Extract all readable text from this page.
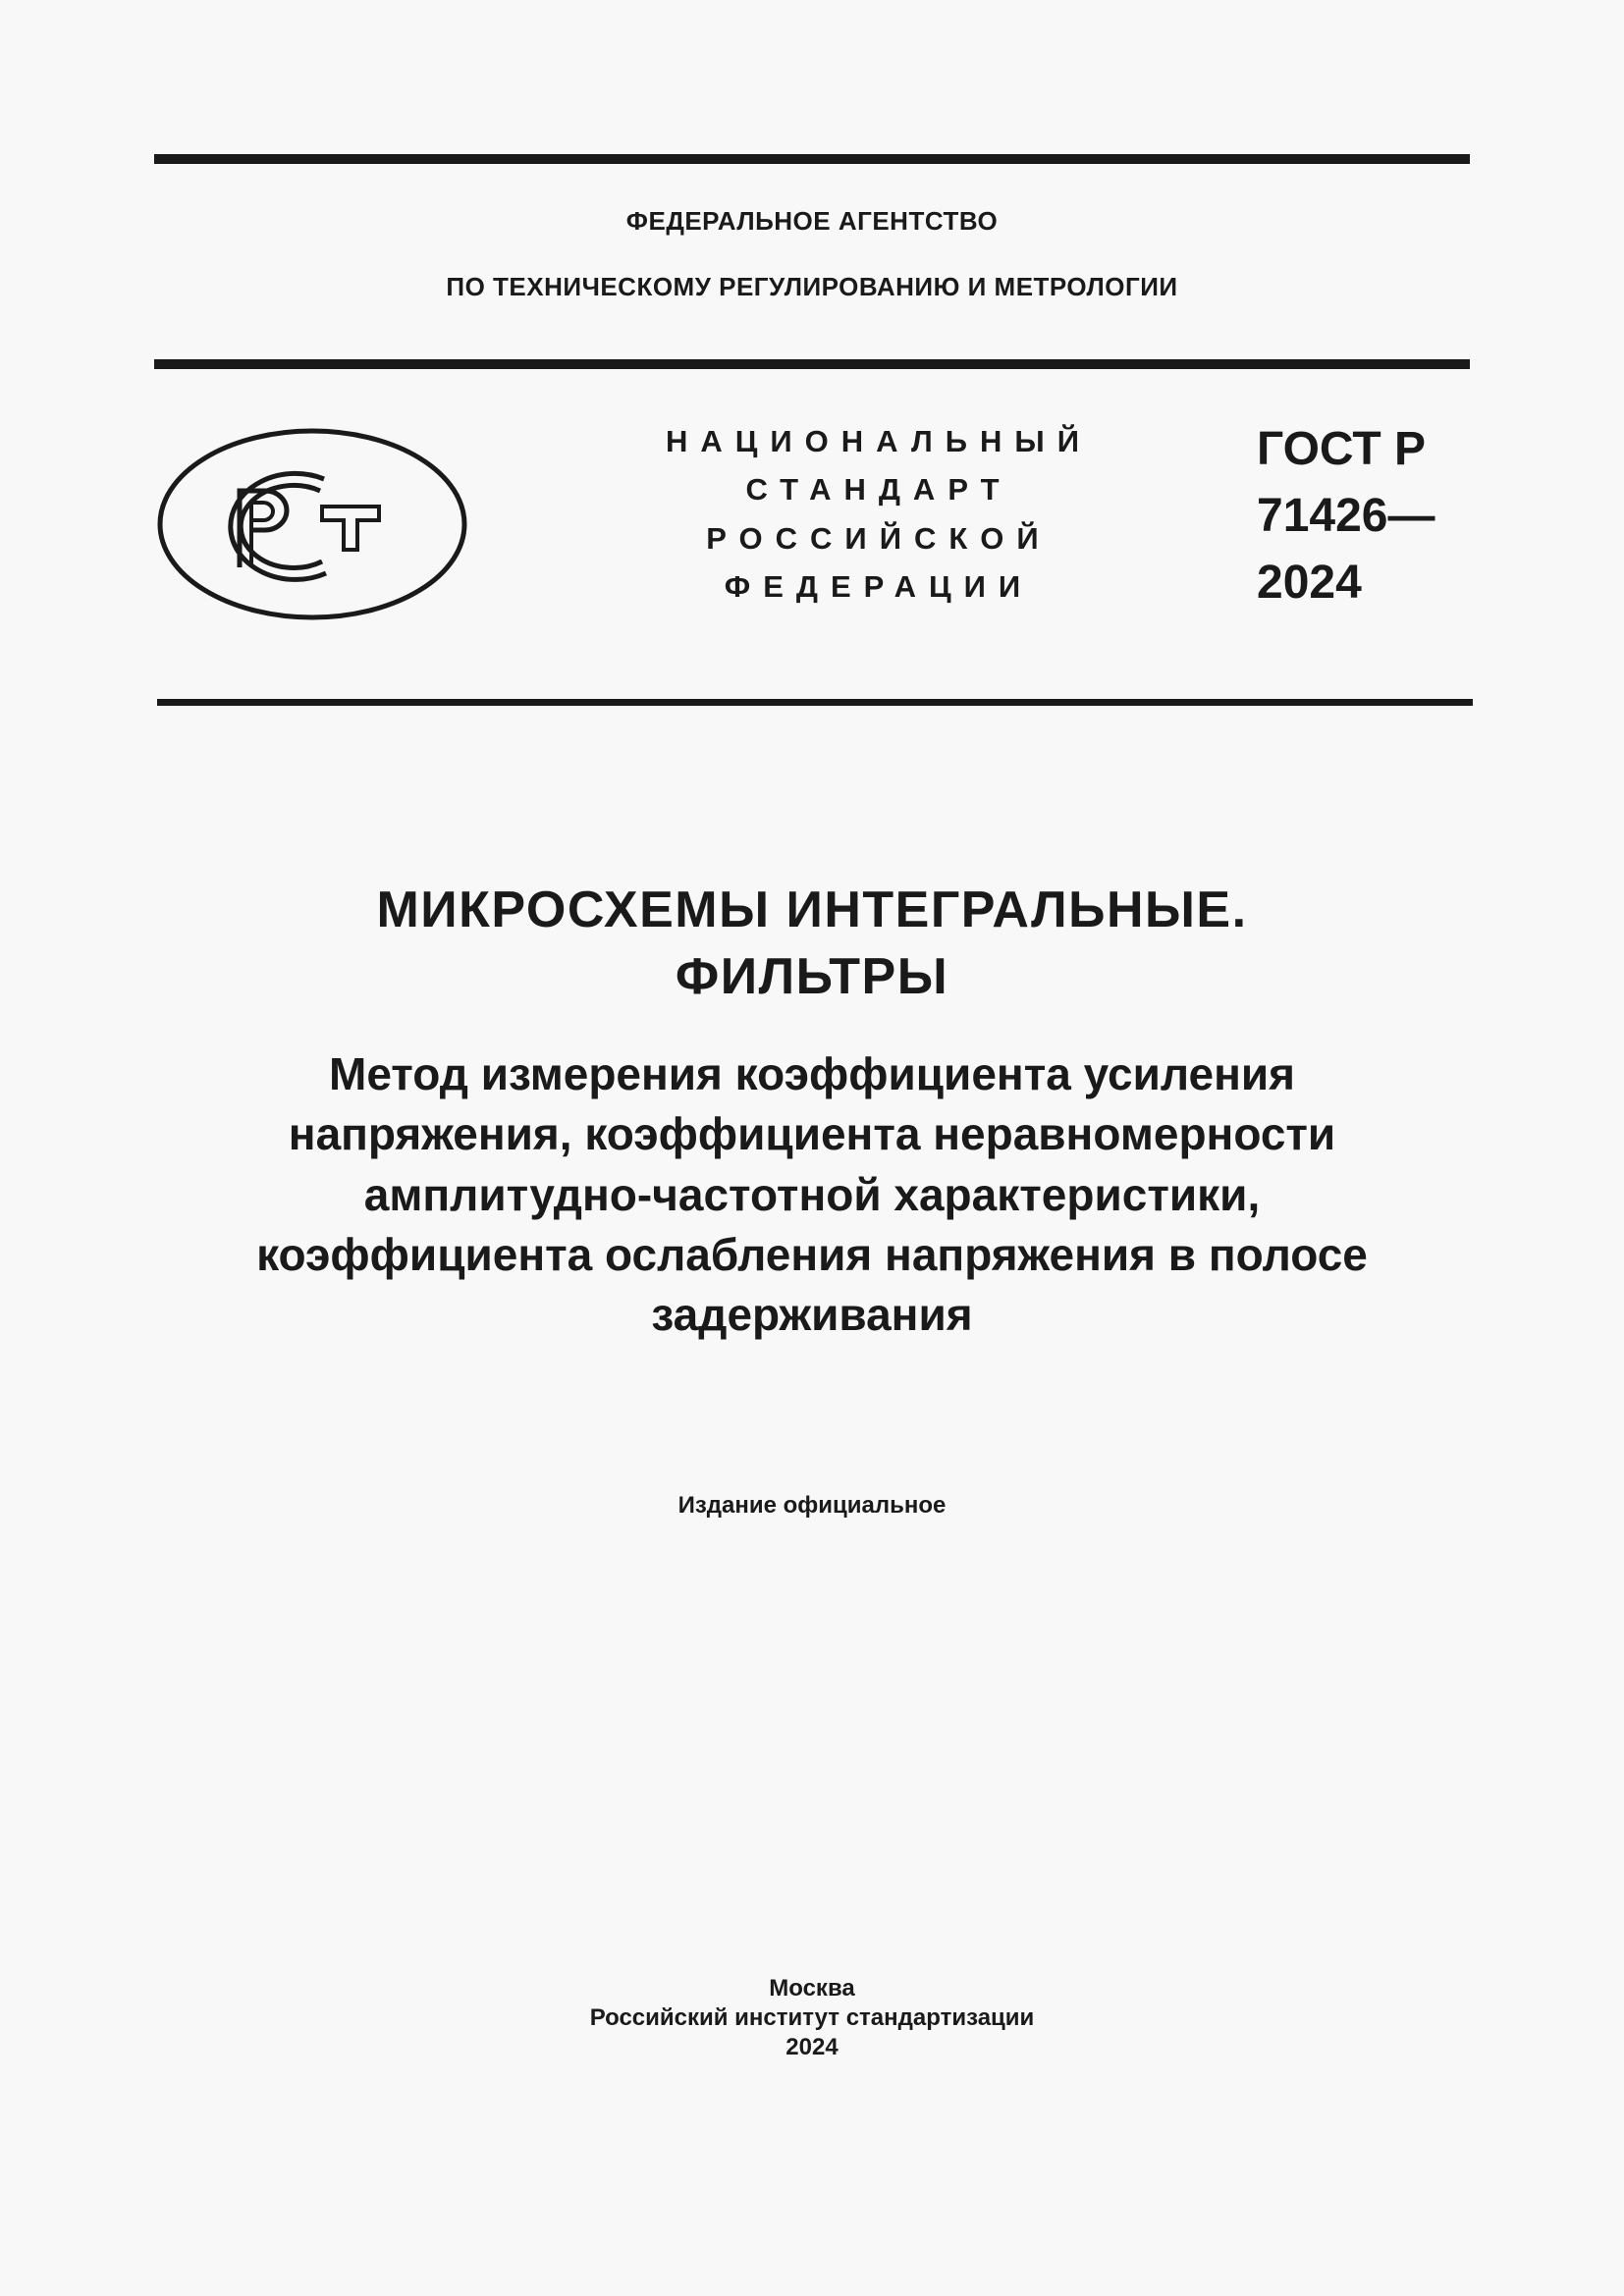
ФЕДЕРАЛЬНОЕ АГЕНТСТВО
ПО ТЕХНИЧЕСКОМУ РЕГУЛИРОВАНИЮ И МЕТРОЛОГИИ
НАЦИОНАЛЬНЫЙ
СТАНДАРТ
РОССИЙСКОЙ
ФЕДЕРАЦИИ
ГОСТ Р
71426—
2024
МИКРОСХЕМЫ ИНТЕГРАЛЬНЫЕ.
ФИЛЬТРЫ
Метод измерения коэффициента усиления
напряжения, коэффициента неравномерности
амплитудно-частотной характеристики,
коэффициента ослабления напряжения в полосе
задерживания
Издание официальное
Москва
Российский институт стандартизации
2024
